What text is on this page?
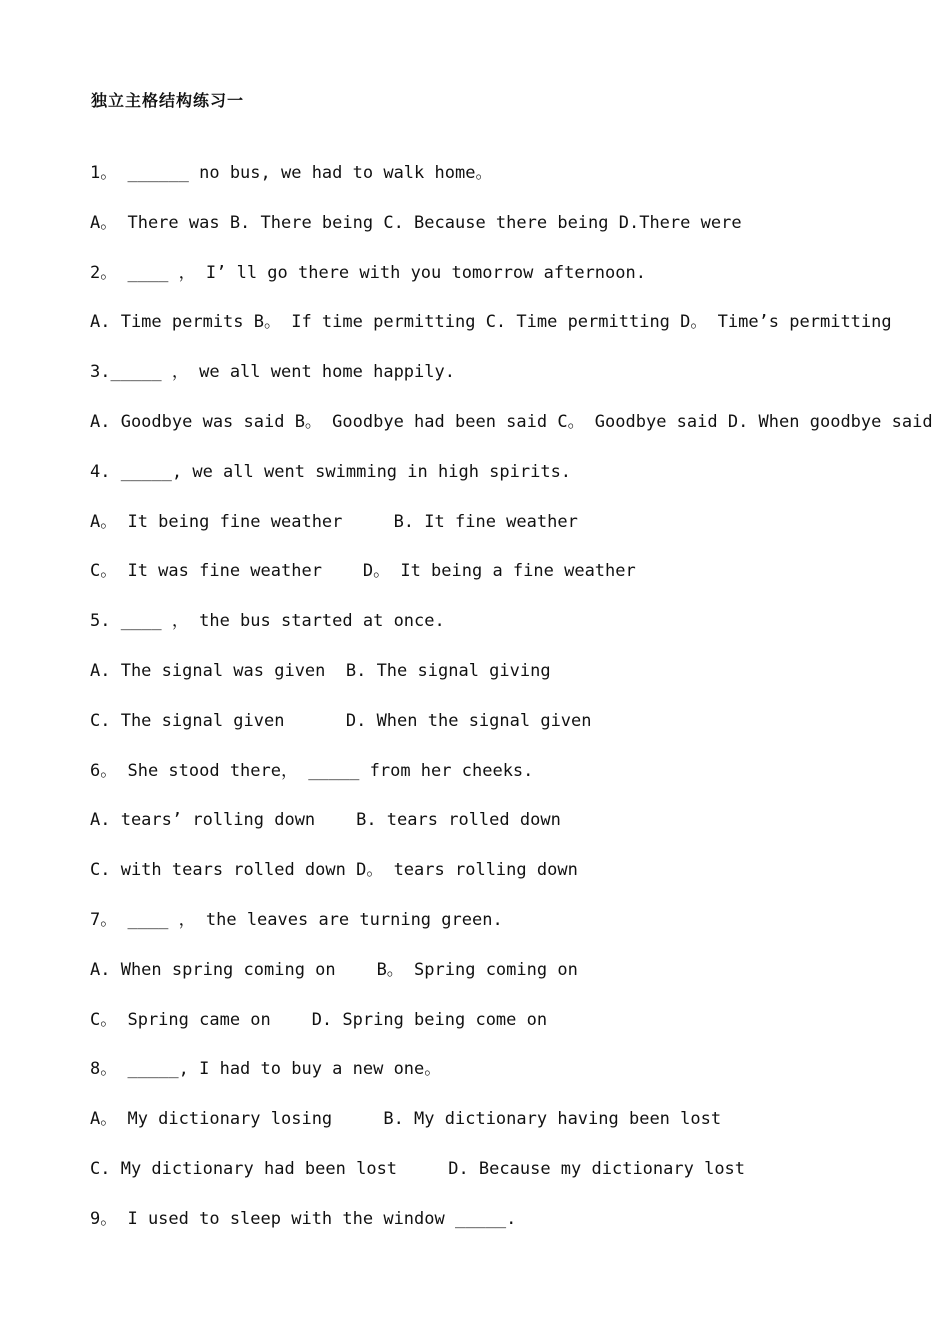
独立主格结构练习一
1。 ______ no bus, we had to walk home。
A。 There was B. There being C. Because there being D.There were
2。 ____ ， I’ ll go there with you tomorrow afternoon.
A. Time permits B。 If time permitting C. Time permitting D。 Time’s permitting
3._____ ， we all went home happily.
A. Goodbye was said B。 Goodbye had been said C。 Goodbye said D. When goodbye said
4. _____, we all went swimming in high spirits.
A。 It being fine weather     B. It fine weather
C。 It was fine weather    D。 It being a fine weather
5. ____ ， the bus started at once.
A. The signal was given  B. The signal giving
C. The signal given      D. When the signal given
6。 She stood there， _____ from her cheeks.
A. tears’ rolling down    B. tears rolled down
C. with tears rolled down D。 tears rolling down
7。 ____ ， the leaves are turning green.
A. When spring coming on    B。 Spring coming on
C。 Spring came on    D. Spring being come on
8。 _____, I had to buy a new one。
A。 My dictionary losing     B. My dictionary having been lost
C. My dictionary had been lost     D. Because my dictionary lost
9。 I used to sleep with the window _____.
